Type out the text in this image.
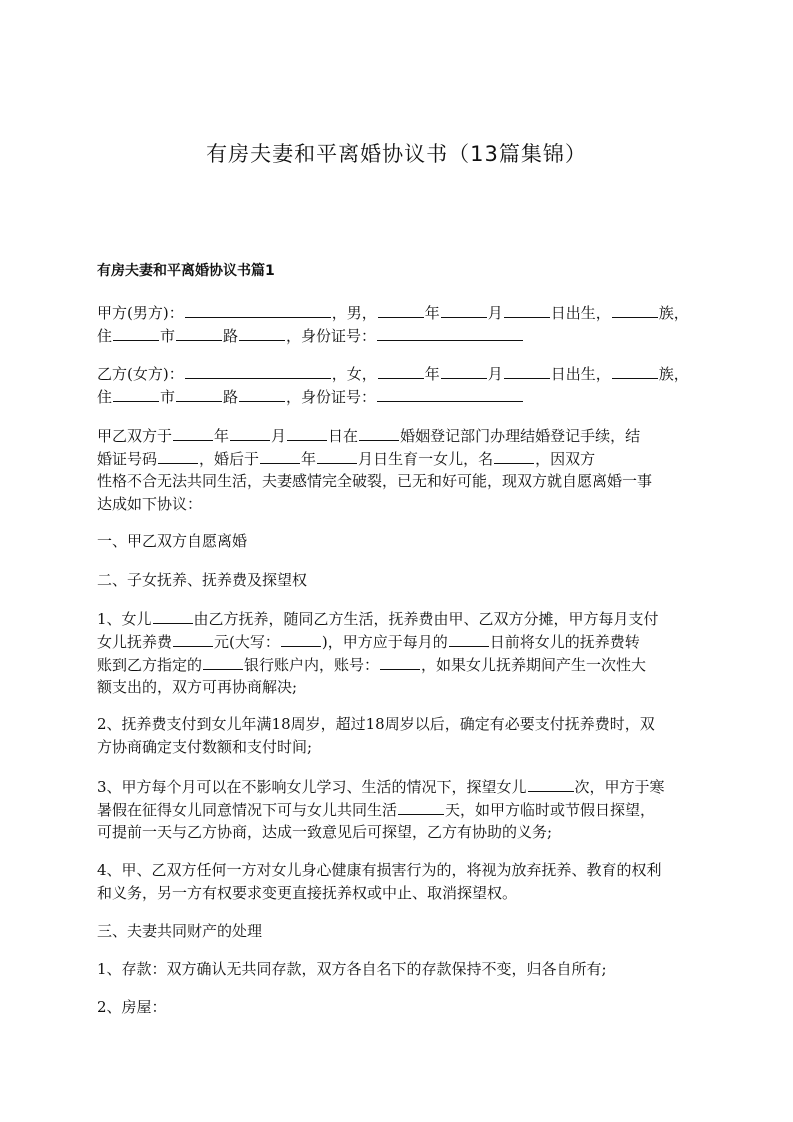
有房夫妻和平离婚协议书（13篇集锦）
有房夫妻和平离婚协议书篇1
甲方(男方)：	，男，	年	月	日出生，	族，
住	市	路	，身份证号：
乙方(女方)：	，女，	年	月	日出生，	族，
住	市	路	，身份证号：
甲乙双方于	年	月	日在	婚姻登记部门办理结婚登记手续，结
婚证号码	，婚后于	年	月日生育一女儿，名	，因双方
性格不合无法共同生活，夫妻感情完全破裂，已无和好可能，现双方就自愿离婚一事
达成如下协议：
一、甲乙双方自愿离婚
二、子女抚养、抚养费及探望权
1、女儿	由乙方抚养，随同乙方生活，抚养费由甲、乙双方分摊，甲方每月支付
女儿抚养费	元(大写：	)，甲方应于每月的	日前将女儿的抚养费转
账到乙方指定的	银行账户内，账号：	，如果女儿抚养期间产生一次性大
额支出的，双方可再协商解决;
2、抚养费支付到女儿年满18周岁，超过18周岁以后，确定有必要支付抚养费时，双
方协商确定支付数额和支付时间;
3、甲方每个月可以在不影响女儿学习、生活的情况下，探望女儿	次，甲方于寒
暑假在征得女儿同意情况下可与女儿共同生活	天，如甲方临时或节假日探望，
可提前一天与乙方协商，达成一致意见后可探望，乙方有协助的义务;
4、甲、乙双方任何一方对女儿身心健康有损害行为的，将视为放弃抚养、教育的权利
和义务，另一方有权要求变更直接抚养权或中止、取消探望权。
三、夫妻共同财产的处理
1、存款：双方确认无共同存款，双方各自名下的存款保持不变，归各自所有;
2、房屋：
